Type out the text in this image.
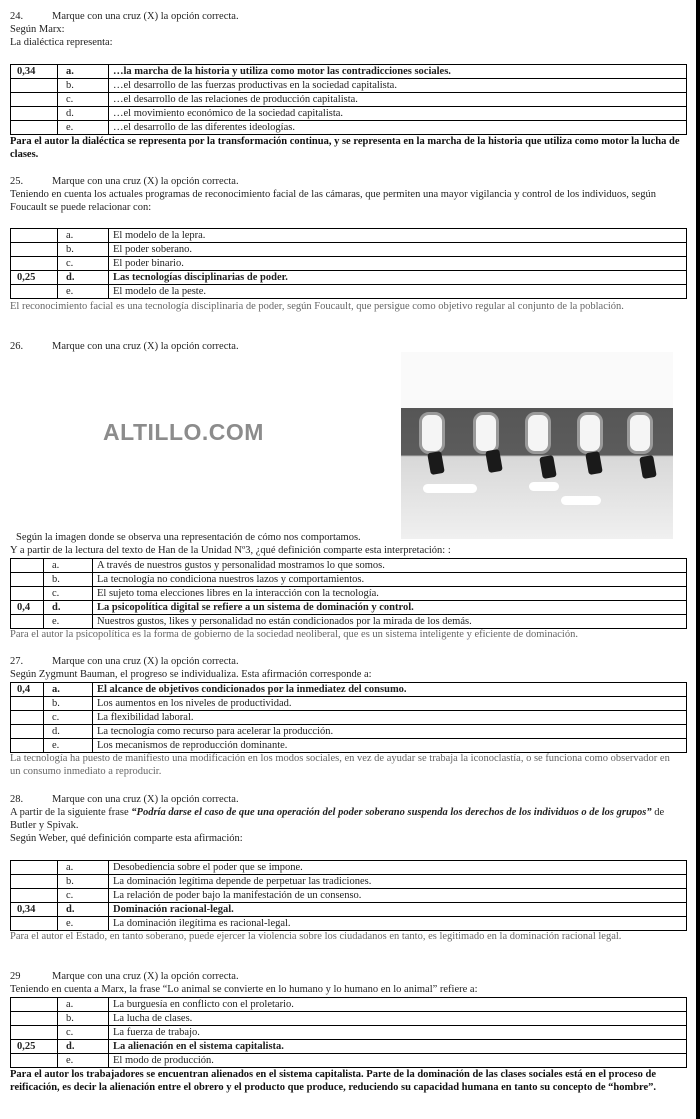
24.	Marque con una cruz (X) la opción correcta.
Según Marx:
La dialéctica representa:
0,34	a.	…la marcha de la historia y utiliza como motor las contradicciones sociales.
	b.	…el desarrollo de las fuerzas productivas en la sociedad capitalista.
	c.	…el desarrollo de las relaciones de producción capitalista.
	d.	…el movimiento económico de la sociedad capitalista.
	e.	…el desarrollo de las diferentes ideologías.
Para el autor la dialéctica se representa por la transformación continua, y se representa en la marcha de la historia que utiliza como motor la lucha de clases.
25.	Marque con una cruz (X) la opción correcta.
Teniendo en cuenta los actuales programas de reconocimiento facial de las cámaras, que permiten una mayor vigilancia y control de los individuos, según Foucault se puede relacionar con:
	a.	El modelo de la lepra.
	b.	El poder soberano.
	c.	El poder binario.
0,25	d.	Las tecnologías disciplinarias de poder.
	e.	El modelo de la peste.
El reconocimiento facial es una tecnología disciplinaria de poder, según Foucault, que persigue como objetivo regular al conjunto de la población.
26.	Marque con una cruz (X) la opción correcta.
ALTILLO.COM
Según la imagen donde se observa una representación de cómo nos comportamos.
Y a partir de la lectura del texto de Han de la Unidad Nº3, ¿qué definición comparte esta interpretación: :
	a.	A través de nuestros gustos y personalidad mostramos lo que somos.
	b.	La tecnología no condiciona nuestros lazos y comportamientos.
	c.	El sujeto toma elecciones libres en la interacción con la tecnología.
0,4	d.	La psicopolítica digital se refiere a un sistema de dominación y control.
	e.	Nuestros gustos, likes y personalidad no están condicionados por la mirada de los demás.
Para el autor la psicopolítica es la forma de gobierno de la sociedad neoliberal, que es un sistema inteligente y eficiente de dominación.
27.	Marque con una cruz (X) la opción correcta.
Según Zygmunt Bauman, el progreso se individualiza. Esta afirmación corresponde a:
0,4	a.	El alcance de objetivos condicionados por la inmediatez del consumo.
	b.	Los aumentos en los niveles de productividad.
	c.	La flexibilidad laboral.
	d.	La tecnología como recurso para acelerar la producción.
	e.	Los mecanismos de reproducción dominante.
La tecnología ha puesto de manifiesto una modificación en los modos sociales, en vez de ayudar se trabaja la iconoclastía, o se funciona como observador en un consumo inmediato a reproducir.
28.	Marque con una cruz (X) la opción correcta.
A partir de la siguiente frase “Podría darse el caso de que una operación del poder soberano suspenda los derechos de los individuos o de los grupos” de Butler y Spivak.
Según Weber, qué definición comparte esta afirmación:
	a.	Desobediencia sobre el poder que se impone.
	b.	La dominación legítima depende de perpetuar las tradiciones.
	c.	La relación de poder bajo la manifestación de un consenso.
0,34	d.	Dominación racional-legal.
	e.	La dominación ilegítima es racional-legal.
Para el autor el Estado, en tanto soberano, puede ejercer la violencia sobre los ciudadanos en tanto, es legitimado en la dominación racional legal.
29	Marque con una cruz (X) la opción correcta.
Teniendo en cuenta a Marx, la frase “Lo animal se convierte en lo humano y lo humano en lo animal” refiere a:
	a.	La burguesía en conflicto con el proletario.
	b.	La lucha de clases.
	c.	La fuerza de trabajo.
0,25	d.	La alienación en el sistema capitalista.
	e.	El modo de producción.
Para el autor los trabajadores se encuentran alienados en el sistema capitalista. Parte de la dominación de las clases sociales está en el proceso de reificación, es decir la alienación entre el obrero y el producto que produce, reduciendo su capacidad humana en tanto su concepto de “hombre”.
